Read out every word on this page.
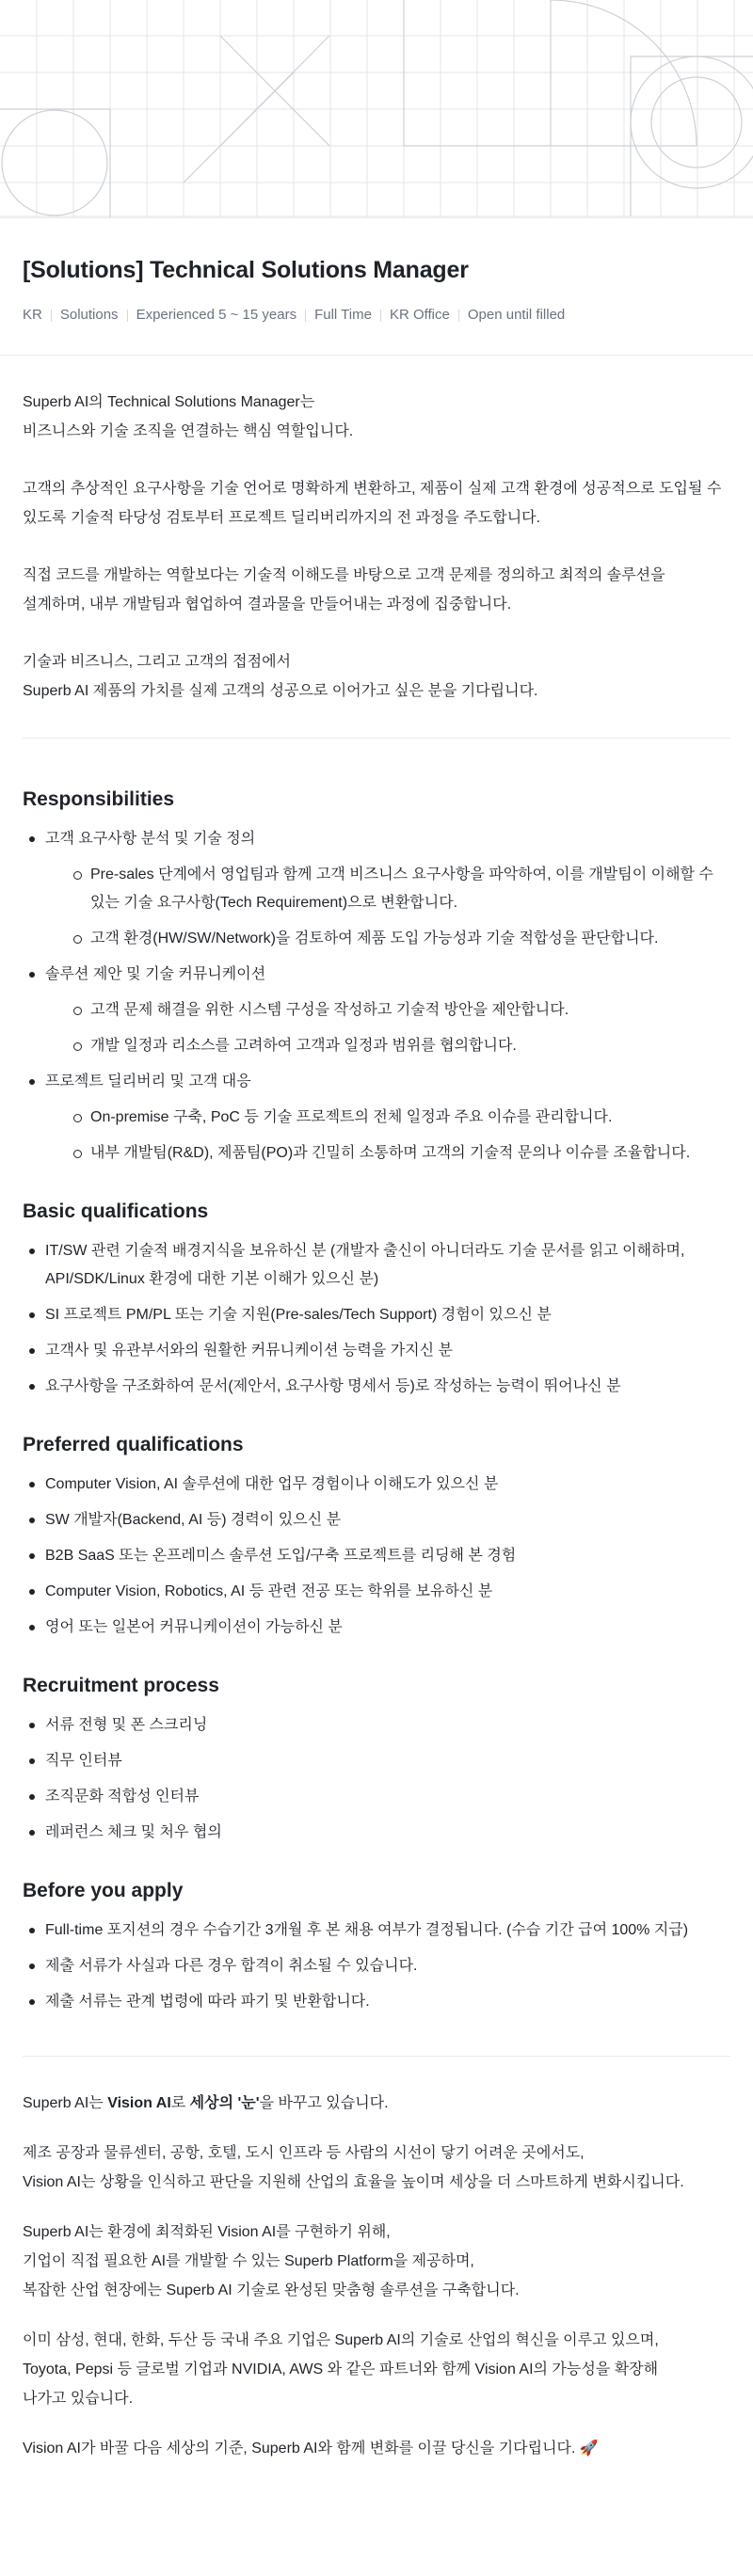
[Solutions] Technical Solutions Manager
KR Solutions Experienced 5 ~ 15 years Full Time KR Office Open until filled

Superb AI의 Technical Solutions Manager는
비즈니스와 기술 조직을 연결하는 핵심 역할입니다.

고객의 추상적인 요구사항을 기술 언어로 명확하게 변환하고, 제품이 실제 고객 환경에 성공적으로 도입될 수
있도록 기술적 타당성 검토부터 프로젝트 딜리버리까지의 전 과정을 주도합니다.

직접 코드를 개발하는 역할보다는 기술적 이해도를 바탕으로 고객 문제를 정의하고 최적의 솔루션을
설계하며, 내부 개발팀과 협업하여 결과물을 만들어내는 과정에 집중합니다.

기술과 비즈니스, 그리고 고객의 접점에서
Superb AI 제품의 가치를 실제 고객의 성공으로 이어가고 싶은 분을 기다립니다.

Responsibilities
고객 요구사항 분석 및 기술 정의
Pre-sales 단계에서 영업팀과 함께 고객 비즈니스 요구사항을 파악하여, 이를 개발팀이 이해할 수
있는 기술 요구사항(Tech Requirement)으로 변환합니다.
고객 환경(HW/SW/Network)을 검토하여 제품 도입 가능성과 기술 적합성을 판단합니다.
솔루션 제안 및 기술 커뮤니케이션
고객 문제 해결을 위한 시스템 구성을 작성하고 기술적 방안을 제안합니다.
개발 일정과 리소스를 고려하여 고객과 일정과 범위를 협의합니다.
프로젝트 딜리버리 및 고객 대응
On-premise 구축, PoC 등 기술 프로젝트의 전체 일정과 주요 이슈를 관리합니다.
내부 개발팀(R&D), 제품팀(PO)과 긴밀히 소통하며 고객의 기술적 문의나 이슈를 조율합니다.
Basic qualifications
IT/SW 관련 기술적 배경지식을 보유하신 분 (개발자 출신이 아니더라도 기술 문서를 읽고 이해하며,
API/SDK/Linux 환경에 대한 기본 이해가 있으신 분)
SI 프로젝트 PM/PL 또는 기술 지원(Pre-sales/Tech Support) 경험이 있으신 분
고객사 및 유관부서와의 원활한 커뮤니케이션 능력을 가지신 분
요구사항을 구조화하여 문서(제안서, 요구사항 명세서 등)로 작성하는 능력이 뛰어나신 분
Preferred qualifications
Computer Vision, AI 솔루션에 대한 업무 경험이나 이해도가 있으신 분
SW 개발자(Backend, AI 등) 경력이 있으신 분
B2B SaaS 또는 온프레미스 솔루션 도입/구축 프로젝트를 리딩해 본 경험
Computer Vision, Robotics, AI 등 관련 전공 또는 학위를 보유하신 분
영어 또는 일본어 커뮤니케이션이 가능하신 분
Recruitment process
서류 전형 및 폰 스크리닝
직무 인터뷰
조직문화 적합성 인터뷰
레퍼런스 체크 및 처우 협의
Before you apply
Full-time 포지션의 경우 수습기간 3개월 후 본 채용 여부가 결정됩니다. (수습 기간 급여 100% 지급)
제출 서류가 사실과 다른 경우 합격이 취소될 수 있습니다.
제출 서류는 관계 법령에 따라 파기 및 반환합니다.

Superb AI는 Vision AI로 세상의 '눈'을 바꾸고 있습니다.

제조 공장과 물류센터, 공항, 호텔, 도시 인프라 등 사람의 시선이 닿기 어려운 곳에서도,
Vision AI는 상황을 인식하고 판단을 지원해 산업의 효율을 높이며 세상을 더 스마트하게 변화시킵니다.

Superb AI는 환경에 최적화된 Vision AI를 구현하기 위해,
기업이 직접 필요한 AI를 개발할 수 있는 Superb Platform을 제공하며,
복잡한 산업 현장에는 Superb AI 기술로 완성된 맞춤형 솔루션을 구축합니다.

이미 삼성, 현대, 한화, 두산 등 국내 주요 기업은 Superb AI의 기술로 산업의 혁신을 이루고 있으며,
Toyota, Pepsi 등 글로벌 기업과 NVIDIA, AWS 와 같은 파트너와 함께 Vision AI의 가능성을 확장해
나가고 있습니다.

Vision AI가 바꿀 다음 세상의 기준, Superb AI와 함께 변화를 이끌 당신을 기다립니다. 🚀
